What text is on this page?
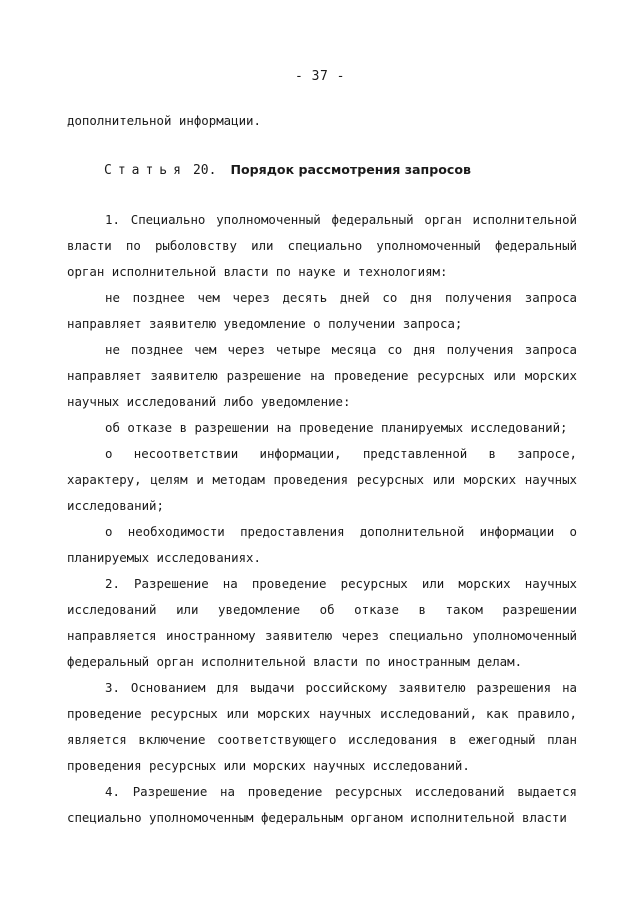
- 37 -

дополнительной информации.

Статья 20. Порядок рассмотрения запросов

1. Специально уполномоченный федеральный орган исполнительной власти по рыболовству или специально уполномоченный федеральный орган исполнительной власти по науке и технологиям:

не позднее чем через десять дней со дня получения запроса направляет заявителю уведомление о получении запроса;

не позднее чем через четыре месяца со дня получения запроса направляет заявителю разрешение на проведение ресурсных или морских научных исследований либо уведомление:

об отказе в разрешении на проведение планируемых исследований;

о несоответствии информации, представленной в запросе, характеру, целям и методам проведения ресурсных или морских научных исследований;

о необходимости предоставления дополнительной информации о планируемых исследованиях.

2. Разрешение на проведение ресурсных или морских научных исследований или уведомление об отказе в таком разрешении направляется иностранному заявителю через специально уполномоченный федеральный орган исполнительной власти по иностранным делам.

3. Основанием для выдачи российскому заявителю разрешения на проведение ресурсных или морских научных исследований, как правило, является включение соответствующего исследования в ежегодный план проведения ресурсных или морских научных исследований.

4. Разрешение на проведение ресурсных исследований выдается специально уполномоченным федеральным органом исполнительной власти
